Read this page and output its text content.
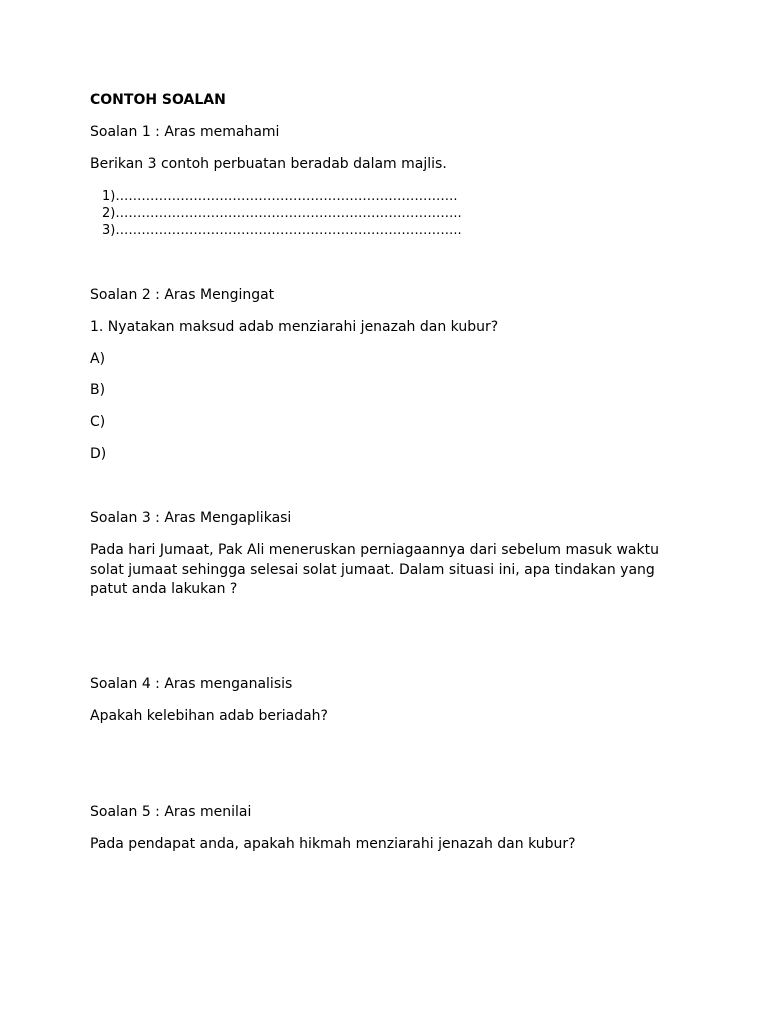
CONTOH SOALAN

Soalan 1 : Aras memahami

Berikan 3 contoh perbuatan beradab dalam majlis.

1)…………………………………………………………………….
2)……………………………………………………………………..
3)……………………………………………………………………..

Soalan 2 : Aras Mengingat

1. Nyatakan maksud adab menziarahi jenazah dan kubur?

A)

B)

C)

D)

Soalan 3 : Aras Mengaplikasi

Pada hari Jumaat, Pak Ali meneruskan perniagaannya dari sebelum masuk waktu
solat jumaat sehingga selesai solat jumaat. Dalam situasi ini, apa tindakan yang
patut anda lakukan ?

Soalan 4 : Aras menganalisis

Apakah kelebihan adab beriadah?

Soalan 5 : Aras menilai

Pada pendapat anda, apakah hikmah menziarahi jenazah dan kubur?
